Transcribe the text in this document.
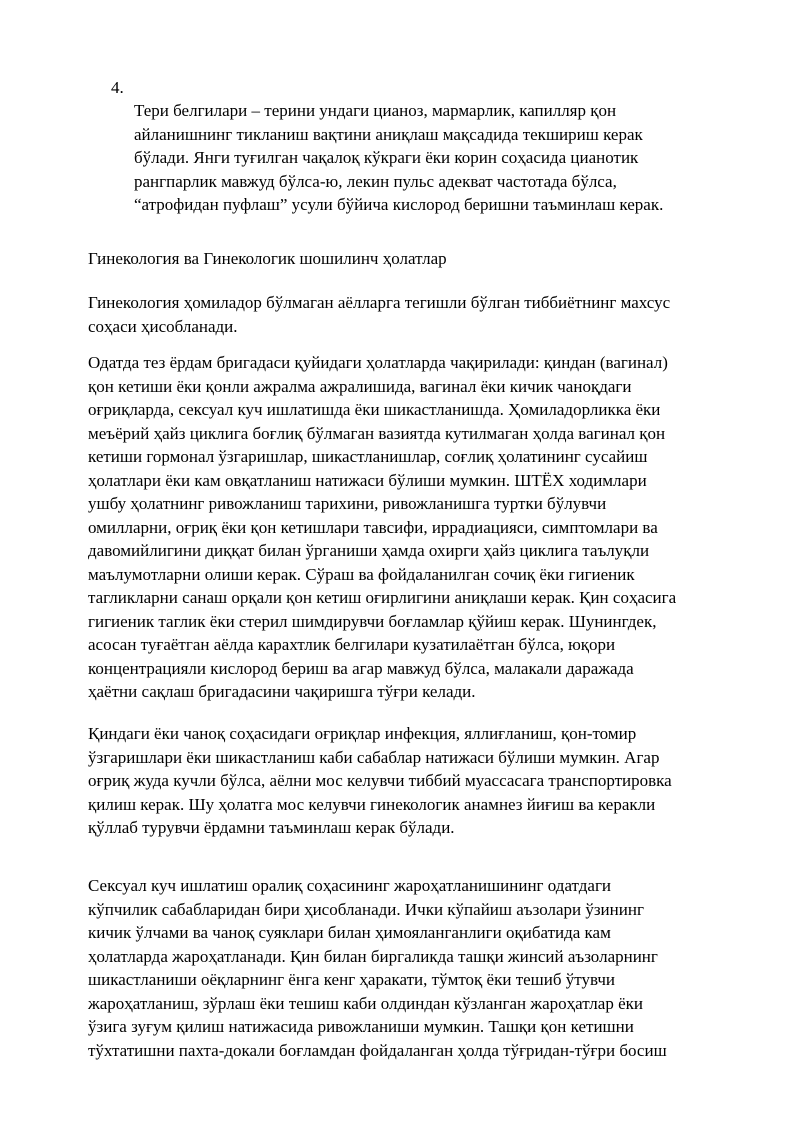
4.
Тери белгилари – терини ундаги цианоз, мармарлик, капилляр қон
айланишнинг тикланиш вақтини аниқлаш мақсадида текшириш керак
бўлади. Янги туғилган чақалоқ кўкраги ёки корин соҳасида цианотик
рангпарлик мавжуд бўлса-ю, лекин пульс адекват частотада бўлса,
“атрофидан пуфлаш” усули бўйича кислород беришни таъминлаш керак.
Гинекология ва Гинекологик шошилинч ҳолатлар
Гинекология ҳомиладор бўлмаган аёлларга тегишли бўлган тиббиётнинг махсус
соҳаси ҳисобланади.
Одатда тез ёрдам бригадаси қуйидаги ҳолатларда чақирилади: қиндан (вагинал)
қон кетиши ёки қонли ажралма ажралишида, вагинал ёки кичик чаноқдаги
оғриқларда, сексуал куч ишлатишда ёки шикастланишда. Ҳомиладорликка ёки
меъёрий ҳайз циклига боғлиқ бўлмаган вазиятда кутилмаган ҳолда вагинал қон
кетиши гормонал ўзгаришлар, шикастланишлар, соғлиқ ҳолатининг сусайиш
ҳолатлари ёки кам овқатланиш натижаси бўлиши мумкин. ШТЁХ ходимлари
ушбу ҳолатнинг ривожланиш тарихини, ривожланишга туртки бўлувчи
омилларни, оғриқ ёки қон кетишлари тавсифи, иррадиацияси, симптомлари ва
давомийлигини диққат билан ўрганиши ҳамда охирги ҳайз циклига таълуқли
маълумотларни олиши керак. Сўраш ва фойдаланилган сочиқ ёки гигиеник
тагликларни санаш орқали қон кетиш оғирлигини аниқлаши керак. Қин соҳасига
гигиеник таглик ёки стерил шимдирувчи боғламлар қўйиш керак. Шунингдек,
асосан туғаётган аёлда карахтлик белгилари кузатилаётган бўлса, юқори
концентрацияли кислород бериш ва агар мавжуд бўлса, малакали даражада
ҳаётни сақлаш бригадасини чақиришга тўғри келади.
Қиндаги ёки чаноқ соҳасидаги оғриқлар инфекция, яллиғланиш, қон-томир
ўзгаришлари ёки шикастланиш каби сабаблар натижаси бўлиши мумкин. Агар
оғриқ жуда кучли бўлса, аёлни мос келувчи тиббий муассасага транспортировка
қилиш керак. Шу ҳолатга мос келувчи гинекологик анамнез йиғиш ва керакли
қўллаб турувчи ёрдамни таъминлаш керак бўлади.
Сексуал куч ишлатиш оралиқ соҳасининг жароҳатланишининг одатдаги
кўпчилик сабабларидан бири ҳисобланади. Ички кўпайиш аъзолари ўзининг
кичик ўлчами ва чаноқ суяклари билан ҳимояланганлиги оқибатида кам
ҳолатларда жароҳатланади. Қин билан биргаликда ташқи жинсий аъзоларнинг
шикастланиши оёқларнинг ёнга кенг ҳаракати, тўмтоқ ёки тешиб ўтувчи
жароҳатланиш, зўрлаш ёки тешиш каби олдиндан кўзланган жароҳатлар ёки
ўзига зуғум қилиш натижасида ривожланиши мумкин. Ташқи қон кетишни
тўхтатишни пахта-докали боғламдан фойдаланган ҳолда тўғридан-тўғри босиш
